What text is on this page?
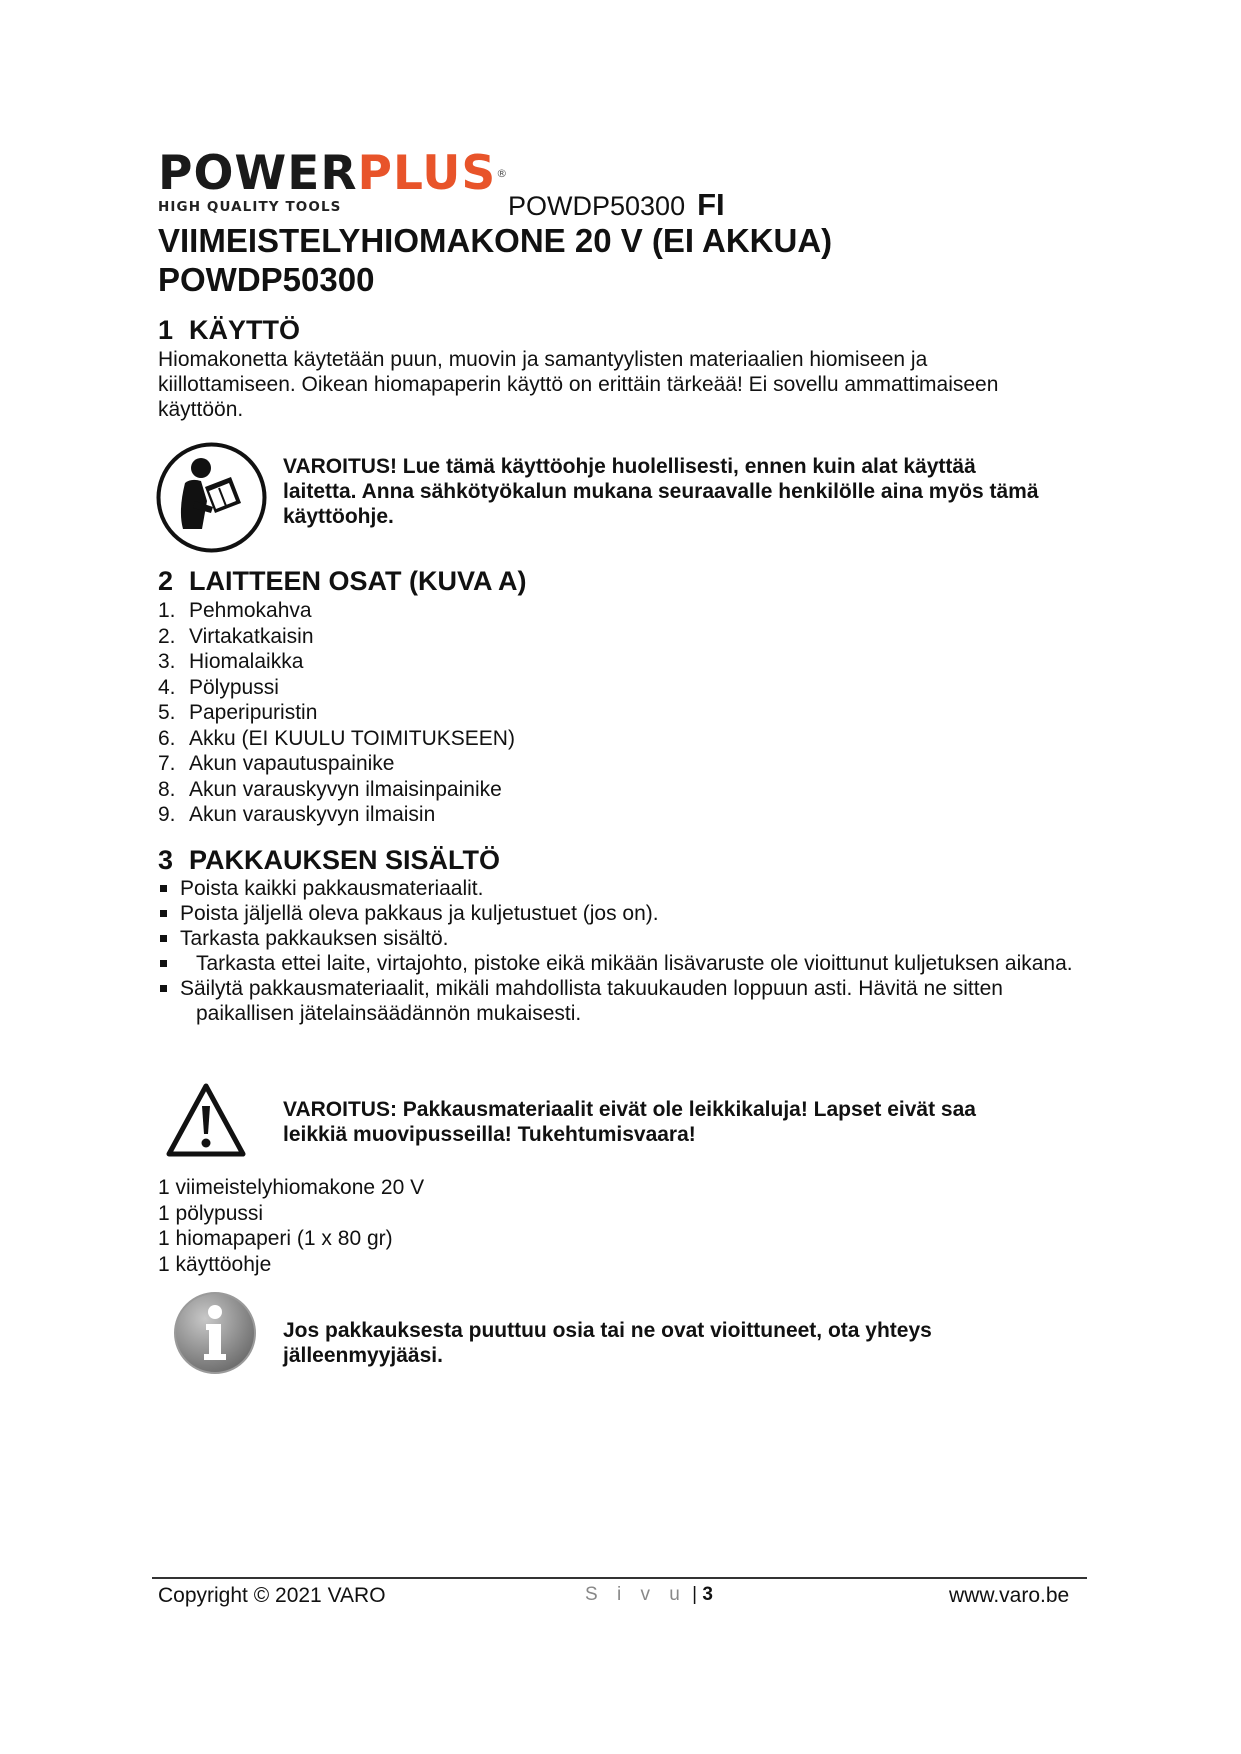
POWERPLUS®
HIGH QUALITY TOOLS	POWDP50300 FI
VIIMEISTELYHIOMAKONE 20 V (EI AKKUA)
POWDP50300
1 KÄYTTÖ
Hiomakonetta käytetään puun, muovin ja samantyylisten materiaalien hiomiseen ja
kiillottamiseen. Oikean hiomapaperin käyttö on erittäin tärkeää! Ei sovellu ammattimaiseen
käyttöön.
VAROITUS! Lue tämä käyttöohje huolellisesti, ennen kuin alat käyttää
laitetta. Anna sähkötyökalun mukana seuraavalle henkilölle aina myös tämä
käyttöohje.
2 LAITTEEN OSAT (KUVA A)
1. Pehmokahva
2. Virtakatkaisin
3. Hiomalaikka
4. Pölypussi
5. Paperipuristin
6. Akku (EI KUULU TOIMITUKSEEN)
7. Akun vapautuspainike
8. Akun varauskyvyn ilmaisinpainike
9. Akun varauskyvyn ilmaisin
3 PAKKAUKSEN SISÄLTÖ
Poista kaikki pakkausmateriaalit.
Poista jäljellä oleva pakkaus ja kuljetustuet (jos on).
Tarkasta pakkauksen sisältö.
Tarkasta ettei laite, virtajohto, pistoke eikä mikään lisävaruste ole vioittunut kuljetuksen aikana.
Säilytä pakkausmateriaalit, mikäli mahdollista takuukauden loppuun asti. Hävitä ne sitten paikallisen jätelainsäädännön mukaisesti.
VAROITUS: Pakkausmateriaalit eivät ole leikkikaluja! Lapset eivät saa
leikkiä muovipusseilla! Tukehtumisvaara!
1 viimeistelyhiomakone 20 V
1 pölypussi
1 hiomapaperi (1 x 80 gr)
1 käyttöohje
Jos pakkauksesta puuttuu osia tai ne ovat vioittuneet, ota yhteys
jälleenmyyjääsi.
Copyright © 2021 VARO	S i v u | 3	www.varo.be
